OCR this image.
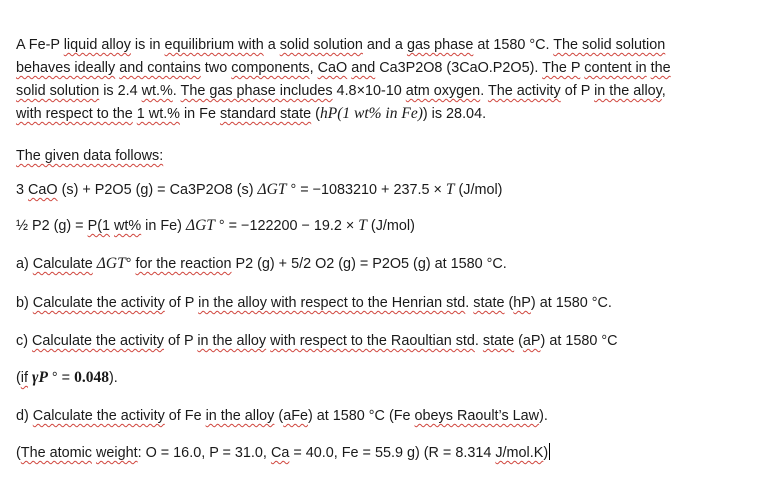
A Fe-P liquid alloy is in equilibrium with a solid solution and a gas phase at 1580 °C. The solid solution
behaves ideally and contains two components, CaO and Ca3P2O8 (3CaO.P2O5). The P content in the
solid solution is 2.4 wt.%. The gas phase includes 4.8×10-10 atm oxygen. The activity of P in the alloy,
with respect to the 1 wt.% in Fe standard state (hP(1 wt% in Fe)) is 28.04.
The given data follows:
3 CaO (s) + P2O5 (g) = Ca3P2O8 (s) ΔGT ° = −1083210 + 237.5 × T (J/mol)
½ P2 (g) = P(1 wt% in Fe) ΔGT ° = −122200 − 19.2 × T (J/mol)
a) Calculate ΔGT° for the reaction P2 (g) + 5/2 O2 (g) = P2O5 (g) at 1580 °C.
b) Calculate the activity of P in the alloy with respect to the Henrian std. state (hP) at 1580 °C.
c) Calculate the activity of P in the alloy with respect to the Raoultian std. state (aP) at 1580 °C
(if γP ° = 0.048).
d) Calculate the activity of Fe in the alloy (aFe) at 1580 °C (Fe obeys Raoult’s Law).
(The atomic weight: O = 16.0, P = 31.0, Ca = 40.0, Fe = 55.9 g) (R = 8.314 J/mol.K)
